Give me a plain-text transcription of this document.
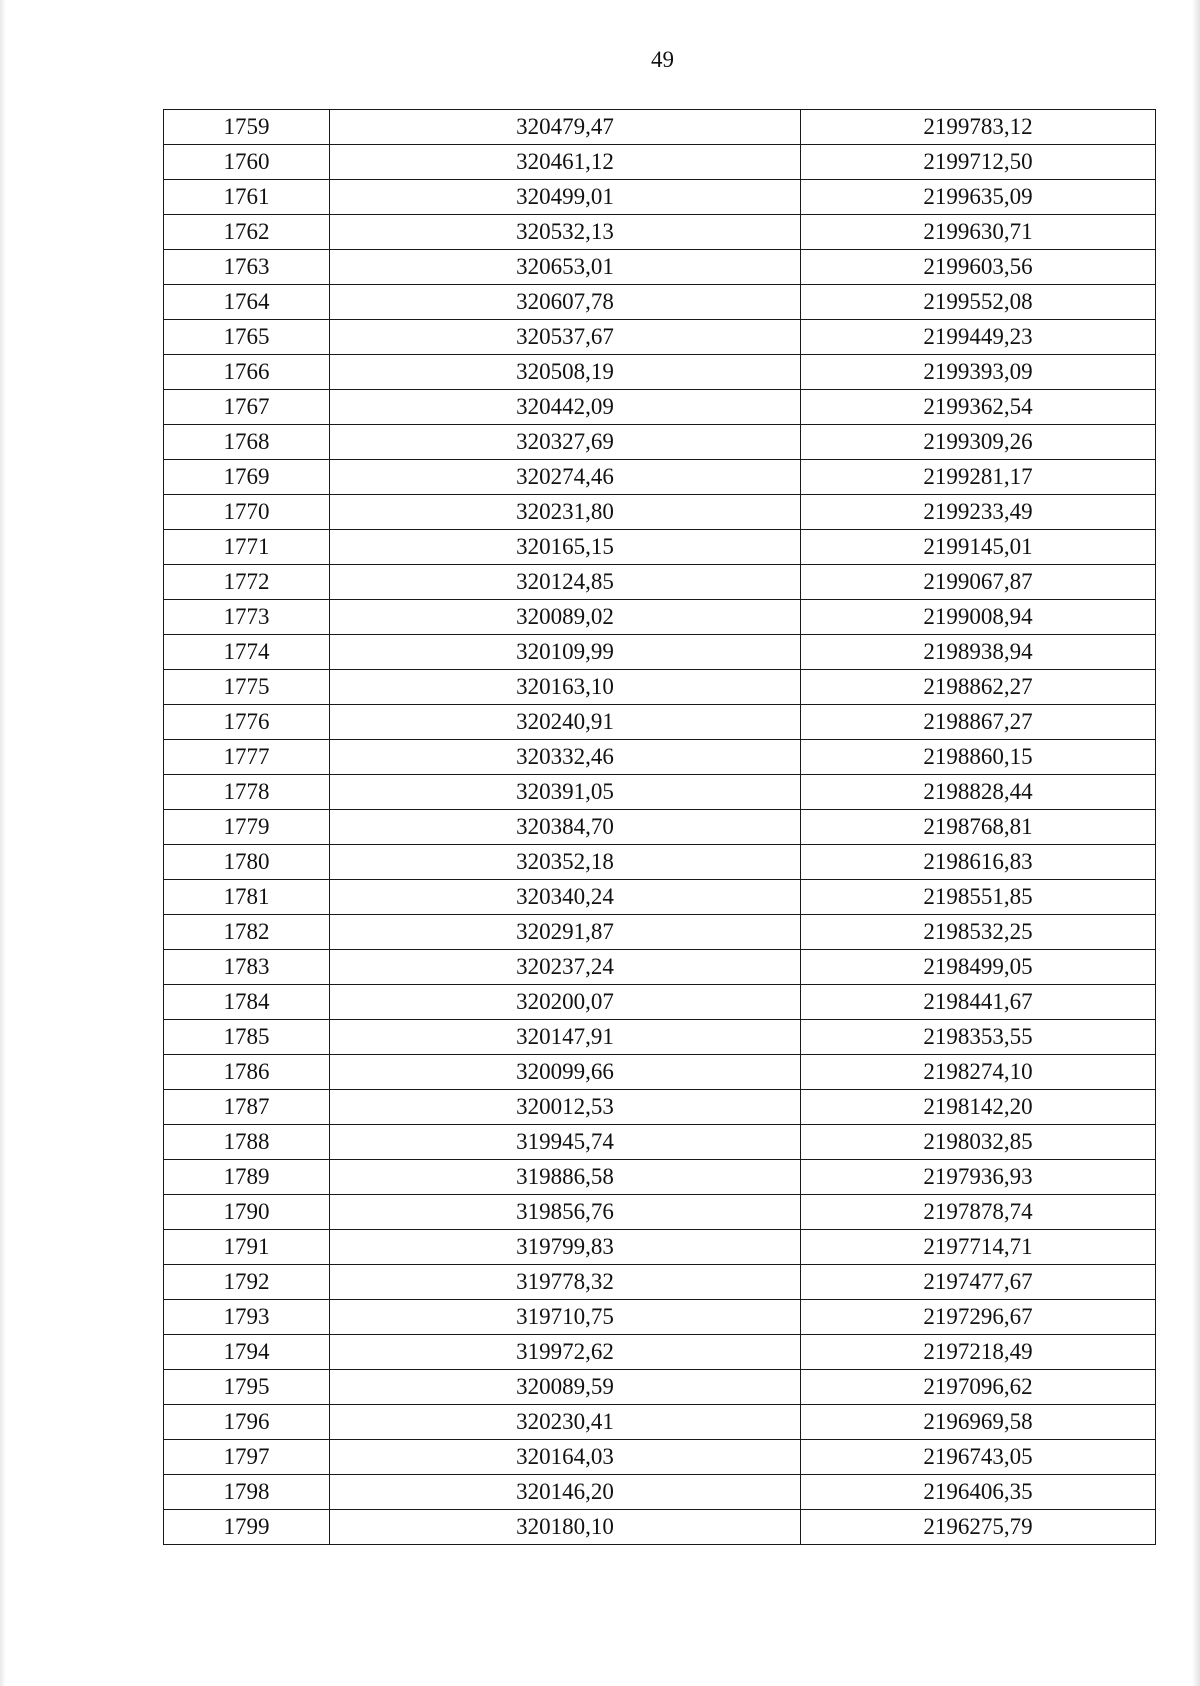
49
1759	320479,47	2199783,12
1760	320461,12	2199712,50
1761	320499,01	2199635,09
1762	320532,13	2199630,71
1763	320653,01	2199603,56
1764	320607,78	2199552,08
1765	320537,67	2199449,23
1766	320508,19	2199393,09
1767	320442,09	2199362,54
1768	320327,69	2199309,26
1769	320274,46	2199281,17
1770	320231,80	2199233,49
1771	320165,15	2199145,01
1772	320124,85	2199067,87
1773	320089,02	2199008,94
1774	320109,99	2198938,94
1775	320163,10	2198862,27
1776	320240,91	2198867,27
1777	320332,46	2198860,15
1778	320391,05	2198828,44
1779	320384,70	2198768,81
1780	320352,18	2198616,83
1781	320340,24	2198551,85
1782	320291,87	2198532,25
1783	320237,24	2198499,05
1784	320200,07	2198441,67
1785	320147,91	2198353,55
1786	320099,66	2198274,10
1787	320012,53	2198142,20
1788	319945,74	2198032,85
1789	319886,58	2197936,93
1790	319856,76	2197878,74
1791	319799,83	2197714,71
1792	319778,32	2197477,67
1793	319710,75	2197296,67
1794	319972,62	2197218,49
1795	320089,59	2197096,62
1796	320230,41	2196969,58
1797	320164,03	2196743,05
1798	320146,20	2196406,35
1799	320180,10	2196275,79
